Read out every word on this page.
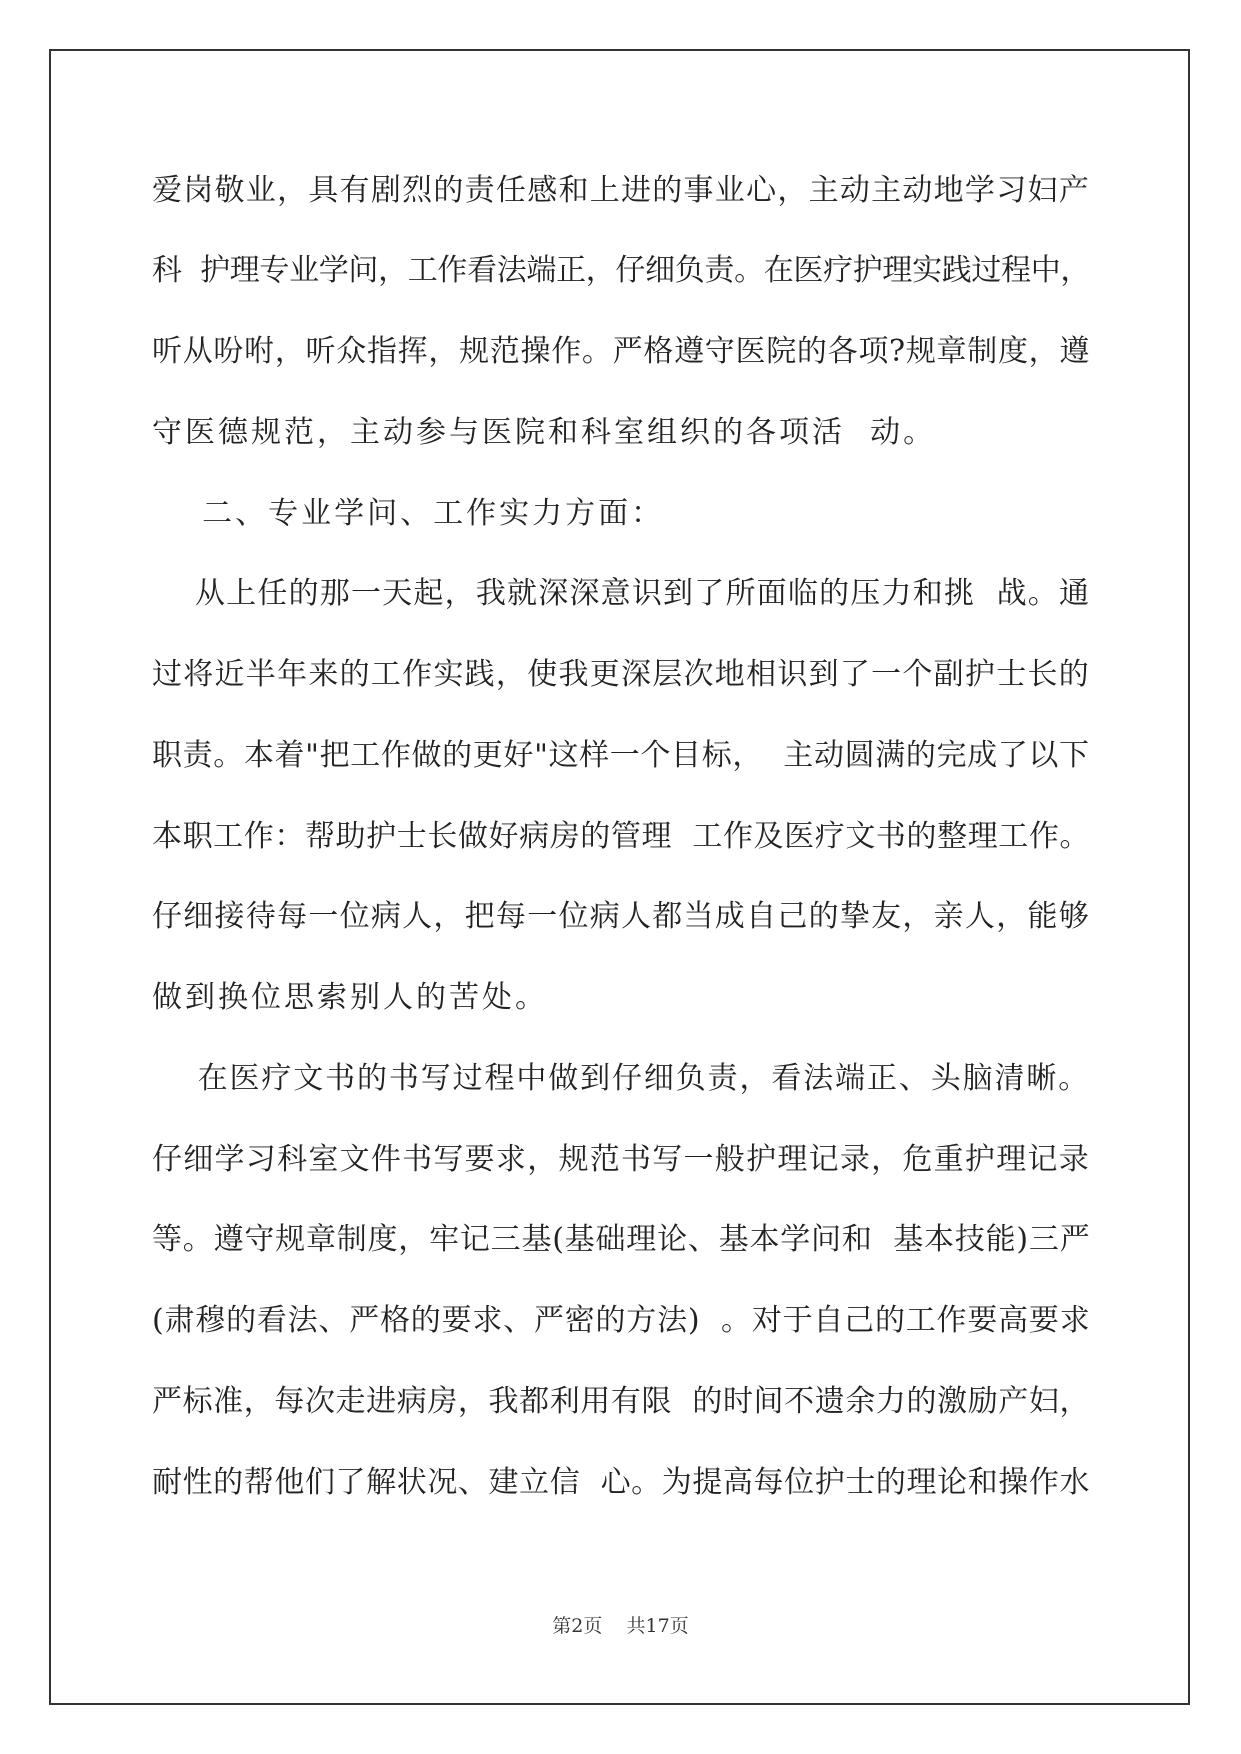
爱岗敬业，具有剧烈的责任感和上进的事业心，主动主动地学习妇产
科  护理专业学问，工作看法端正，仔细负责。在医疗护理实践过程中，
听从吩咐，听众指挥，规范操作。严格遵守医院的各项?规章制度，遵
守医德规范，主动参与医院和科室组织的各项活  动。
二、专业学问、工作实力方面：
从上任的那一天起，我就深深意识到了所面临的压力和挑  战。通
过将近半年来的工作实践，使我更深层次地相识到了一个副护士长的
职责。本着"把工作做的更好"这样一个目标，  主动圆满的完成了以下
本职工作：帮助护士长做好病房的管理  工作及医疗文书的整理工作。
仔细接待每一位病人，把每一位病人都当成自己的挚友，亲人，能够
做到换位思索别人的苦处。
在医疗文书的书写过程中做到仔细负责，看法端正、头脑清晰。
仔细学习科室文件书写要求，规范书写一般护理记录，危重护理记录
等。遵守规章制度，牢记三基(基础理论、基本学问和  基本技能)三严
(肃穆的看法、严格的要求、严密的方法)  。对于自己的工作要高要求
严标准，每次走进病房，我都利用有限  的时间不遗余力的激励产妇，
耐性的帮他们了解状况、建立信  心。为提高每位护士的理论和操作水
第2页 共17页
